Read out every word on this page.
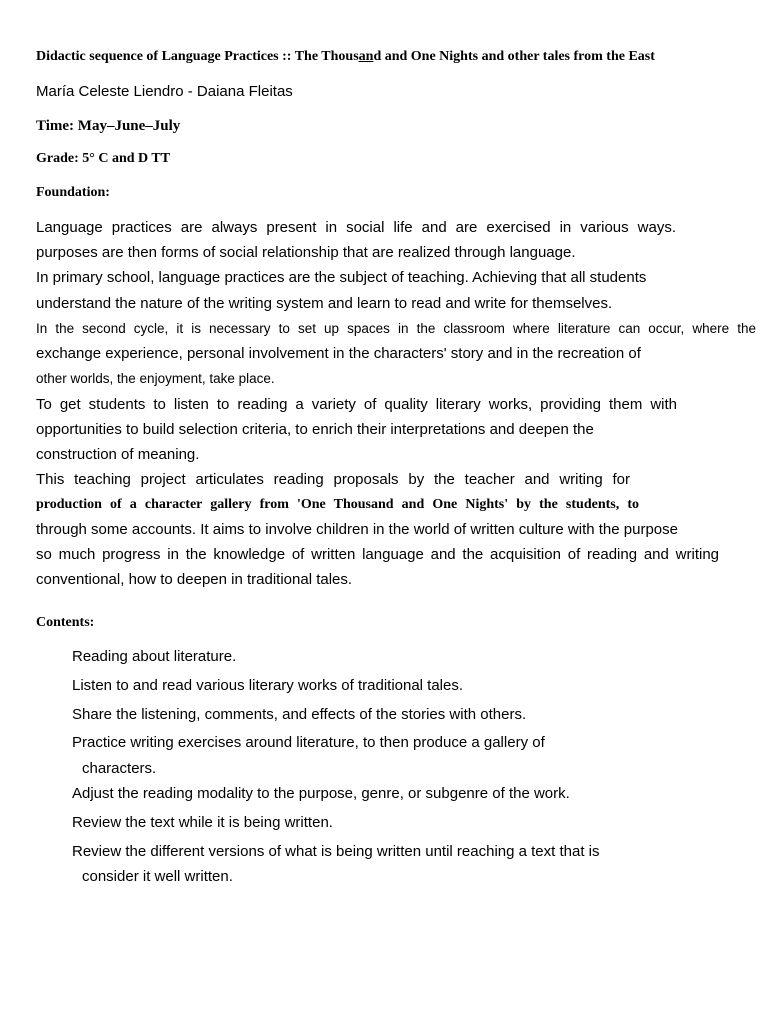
Didactic sequence of Language Practices :: The Thousand and One Nights and other tales from the East
María Celeste Liendro - Daiana Fleitas
Time: May–June–July
Grade: 5° C and D TT
Foundation:
Language practices are always present in social life and are exercised in various ways.
purposes are then forms of social relationship that are realized through language.
In primary school, language practices are the subject of teaching. Achieving that all students
understand the nature of the writing system and learn to read and write for themselves.
In the second cycle, it is necessary to set up spaces in the classroom where literature can occur, where the
exchange experience, personal involvement in the characters' story and in the recreation of
other worlds, the enjoyment, take place.
To get students to listen to reading a variety of quality literary works, providing them with
opportunities to build selection criteria, to enrich their interpretations and deepen the
construction of meaning.
This teaching project articulates reading proposals by the teacher and writing for
production of a character gallery from 'One Thousand and One Nights' by the students, to
through some accounts. It aims to involve children in the world of written culture with the purpose
so much progress in the knowledge of written language and the acquisition of reading and writing
conventional, how to deepen in traditional tales.
Contents:
Reading about literature.
Listen to and read various literary works of traditional tales.
Share the listening, comments, and effects of the stories with others.
Practice writing exercises around literature, to then produce a gallery of
characters.
Adjust the reading modality to the purpose, genre, or subgenre of the work.
Review the text while it is being written.
Review the different versions of what is being written until reaching a text that is
consider it well written.
